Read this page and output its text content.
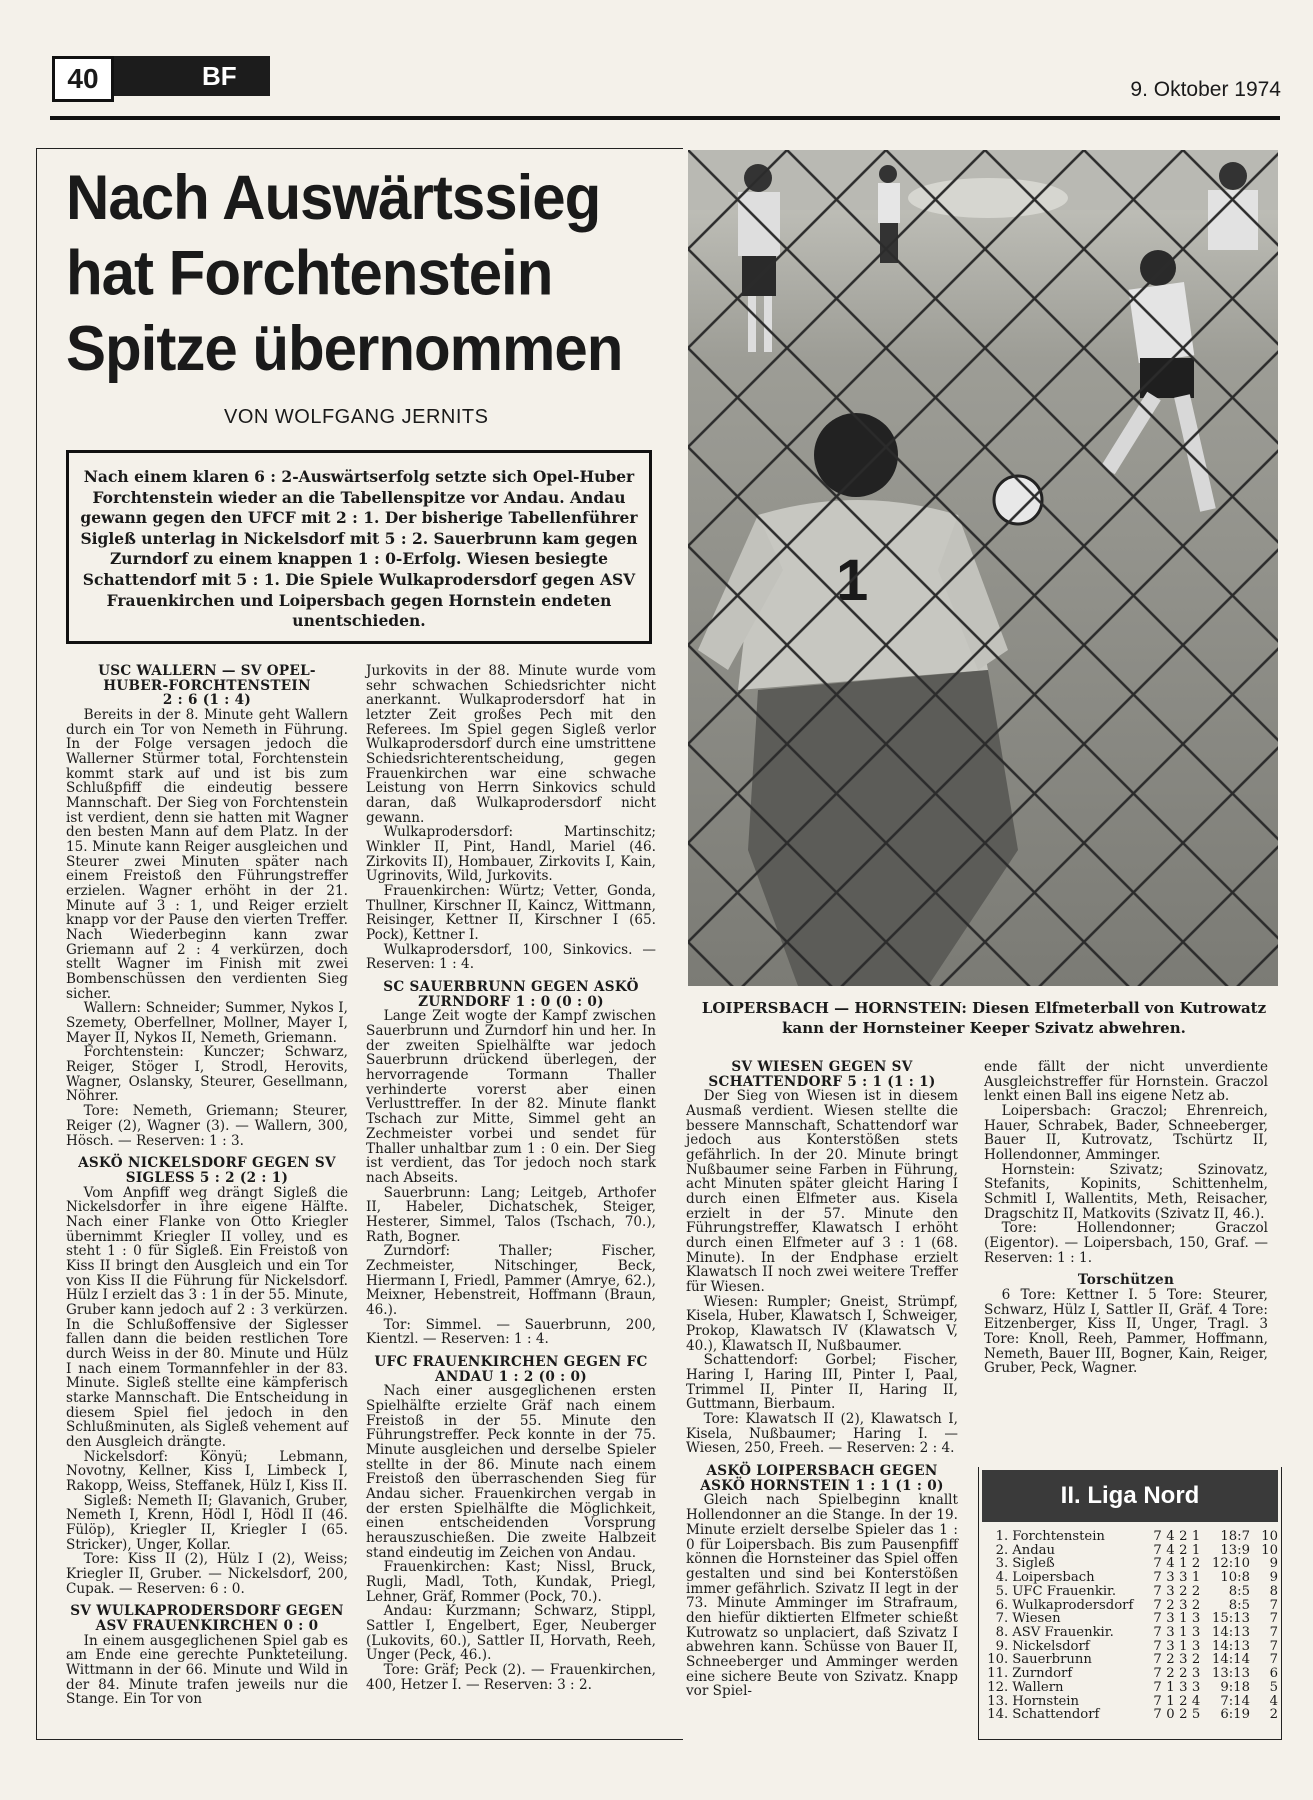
40	BF	9. Oktober 1974
Nach Auswärtssieg
hat Forchtenstein
Spitze übernommen
VON WOLFGANG JERNITS
Nach einem klaren 6 : 2-Auswärtserfolg setzte sich Opel-Huber Forchtenstein wieder an die Tabellenspitze vor Andau. Andau gewann gegen den UFCF mit 2 : 1. Der bisherige Tabellenführer Sigleß unterlag in Nickelsdorf mit 5 : 2. Sauerbrunn kam gegen Zurndorf zu einem knappen 1 : 0-Erfolg. Wiesen besiegte Schattendorf mit 5 : 1. Die Spiele Wulkaprodersdorf gegen ASV Frauenkirchen und Loipersbach gegen Hornstein endeten unentschieden.

USC WALLERN — SV OPEL-HUBER-FORCHTENSTEIN

2 : 6 (1 : 4)

Bereits in der 8. Minute geht Wallern durch ein Tor von Nemeth in Führung. In der Folge versagen jedoch die Wallerner Stürmer total, Forchtenstein kommt stark auf und ist bis zum Schlußpfiff die eindeutig bessere Mannschaft. Der Sieg von Forchtenstein ist verdient, denn sie hatten mit Wagner den besten Mann auf dem Platz. In der 15. Minute kann Reiger ausgleichen und Steurer zwei Minuten später nach einem Freistoß den Führungstreffer erzielen. Wagner erhöht in der 21. Minute auf 3 : 1, und Reiger erzielt knapp vor der Pause den vierten Treffer. Nach Wiederbeginn kann zwar Griemann auf 2 : 4 verkürzen, doch stellt Wagner im Finish mit zwei Bombenschüssen den verdienten Sieg sicher.

Wallern: Schneider; Summer, Nykos I, Szemety, Oberfellner, Mollner, Mayer I, Mayer II, Nykos II, Nemeth, Griemann.

Forchtenstein: Kunczer; Schwarz, Reiger, Stöger I, Strodl, Herovits, Wagner, Oslansky, Steurer, Gesellmann, Nöhrer.

Tore: Nemeth, Griemann; Steurer, Reiger (2), Wagner (3). — Wallern, 300, Hösch. — Reserven: 1 : 3.

ASKÖ NICKELSDORF GEGEN SV SIGLESS 5 : 2 (2 : 1)

Vom Anpfiff weg drängt Sigleß die Nickelsdorfer in ihre eigene Hälfte. Nach einer Flanke von Otto Kriegler übernimmt Kriegler II volley, und es steht 1 : 0 für Sigleß. Ein Freistoß von Kiss II bringt den Ausgleich und ein Tor von Kiss II die Führung für Nickelsdorf. Hülz I erzielt das 3 : 1 in der 55. Minute, Gruber kann jedoch auf 2 : 3 verkürzen. In die Schlußoffensive der Siglesser fallen dann die beiden restlichen Tore durch Weiss in der 80. Minute und Hülz I nach einem Tormannfehler in der 83. Minute. Sigleß stellte eine kämpferisch starke Mannschaft. Die Entscheidung in diesem Spiel fiel jedoch in den Schlußminuten, als Sigleß vehement auf den Ausgleich drängte.

Nickelsdorf: Könyü; Lebmann, Novotny, Kellner, Kiss I, Limbeck I, Rakopp, Weiss, Steffanek, Hülz I, Kiss II.

Sigleß: Nemeth II; Glavanich, Gruber, Nemeth I, Krenn, Hödl I, Hödl II (46. Fülöp), Kriegler II, Kriegler I (65. Stricker), Unger, Kollar.

Tore: Kiss II (2), Hülz I (2), Weiss; Kriegler II, Gruber. — Nickelsdorf, 200, Cupak. — Reserven: 6 : 0.

SV WULKAPRODERSDORF GEGEN ASV FRAUENKIRCHEN 0 : 0

In einem ausgeglichenen Spiel gab es am Ende eine gerechte Punkteteilung. Wittmann in der 66. Minute und Wild in der 84. Minute trafen jeweils nur die Stange. Ein Tor von

Jurkovits in der 88. Minute wurde vom sehr schwachen Schiedsrichter nicht anerkannt. Wulkaprodersdorf hat in letzter Zeit großes Pech mit den Referees. Im Spiel gegen Sigleß verlor Wulkaprodersdorf durch eine umstrittene Schiedsrichterentscheidung, gegen Frauenkirchen war eine schwache Leistung von Herrn Sinkovics schuld daran, daß Wulkaprodersdorf nicht gewann.

Wulkaprodersdorf: Martinschitz; Winkler II, Pint, Handl, Mariel (46. Zirkovits II), Hombauer, Zirkovits I, Kain, Ugrinovits, Wild, Jurkovits.

Frauenkirchen: Würtz; Vetter, Gonda, Thullner, Kirschner II, Kaincz, Wittmann, Reisinger, Kettner II, Kirschner I (65. Pock), Kettner I.

Wulkaprodersdorf, 100, Sinkovics. — Reserven: 1 : 4.

SC SAUERBRUNN GEGEN ASKÖ ZURNDORF 1 : 0 (0 : 0)

Lange Zeit wogte der Kampf zwischen Sauerbrunn und Zurndorf hin und her. In der zweiten Spielhälfte war jedoch Sauerbrunn drückend überlegen, der hervorragende Tormann Thaller verhinderte vorerst aber einen Verlusttreffer. In der 82. Minute flankt Tschach zur Mitte, Simmel geht an Zechmeister vorbei und sendet für Thaller unhaltbar zum 1 : 0 ein. Der Sieg ist verdient, das Tor jedoch noch stark nach Abseits.

Sauerbrunn: Lang; Leitgeb, Arthofer II, Habeler, Dichatschek, Steiger, Hesterer, Simmel, Talos (Tschach, 70.), Rath, Bogner.

Zurndorf: Thaller; Fischer, Zechmeister, Nitschinger, Beck, Hiermann I, Friedl, Pammer (Amrye, 62.), Meixner, Hebenstreit, Hoffmann (Braun, 46.).

Tor: Simmel. — Sauerbrunn, 200, Kientzl. — Reserven: 1 : 4.

UFC FRAUENKIRCHEN GEGEN FC ANDAU 1 : 2 (0 : 0)

Nach einer ausgeglichenen ersten Spielhälfte erzielte Gräf nach einem Freistoß in der 55. Minute den Führungstreffer. Peck konnte in der 75. Minute ausgleichen und derselbe Spieler stellte in der 86. Minute nach einem Freistoß den überraschenden Sieg für Andau sicher. Frauenkirchen vergab in der ersten Spielhälfte die Möglichkeit, einen entscheidenden Vorsprung herauszuschießen. Die zweite Halbzeit stand eindeutig im Zeichen von Andau.

Frauenkirchen: Kast; Nissl, Bruck, Rugli, Madl, Toth, Kundak, Priegl, Lehner, Gräf, Rommer (Pock, 70.).

Andau: Kurzmann; Schwarz, Stippl, Sattler I, Engelbert, Eger, Neuberger (Lukovits, 60.), Sattler II, Horvath, Reeh, Unger (Peck, 46.).

Tore: Gräf; Peck (2). — Frauenkirchen, 400, Hetzer I. — Reserven: 3 : 2.

LOIPERSBACH — HORNSTEIN: Diesen Elfmeterball von Kutrowatz kann der Hornsteiner Keeper Szivatz abwehren.

SV WIESEN GEGEN SV SCHATTENDORF 5 : 1 (1 : 1)

Der Sieg von Wiesen ist in diesem Ausmaß verdient. Wiesen stellte die bessere Mannschaft, Schattendorf war jedoch aus Konterstößen stets gefährlich. In der 20. Minute bringt Nußbaumer seine Farben in Führung, acht Minuten später gleicht Haring I durch einen Elfmeter aus. Kisela erzielt in der 57. Minute den Führungstreffer, Klawatsch I erhöht durch einen Elfmeter auf 3 : 1 (68. Minute). In der Endphase erzielt Klawatsch II noch zwei weitere Treffer für Wiesen.

Wiesen: Rumpler; Gneist, Strümpf, Kisela, Huber, Klawatsch I, Schweiger, Prokop, Klawatsch IV (Klawatsch V, 40.), Klawatsch II, Nußbaumer.

Schattendorf: Gorbel; Fischer, Haring I, Haring III, Pinter I, Paal, Trimmel II, Pinter II, Haring II, Guttmann, Bierbaum.

Tore: Klawatsch II (2), Klawatsch I, Kisela, Nußbaumer; Haring I. — Wiesen, 250, Freeh. — Reserven: 2 : 4.

ASKÖ LOIPERSBACH GEGEN ASKÖ HORNSTEIN 1 : 1 (1 : 0)

Gleich nach Spielbeginn knallt Hollendonner an die Stange. In der 19. Minute erzielt derselbe Spieler das 1 : 0 für Loipersbach. Bis zum Pausenpfiff können die Hornsteiner das Spiel offen gestalten und sind bei Konterstößen immer gefährlich. Szivatz II legt in der 73. Minute Amminger im Strafraum, den hiefür diktierten Elfmeter schießt Kutrowatz so unplaciert, daß Szivatz I abwehren kann. Schüsse von Bauer II, Schneeberger und Amminger werden eine sichere Beute von Szivatz. Knapp vor Spiel-

ende fällt der nicht unverdiente Ausgleichstreffer für Hornstein. Graczol lenkt einen Ball ins eigene Netz ab.

Loipersbach: Graczol; Ehrenreich, Hauer, Schrabek, Bader, Schneeberger, Bauer II, Kutrovatz, Tschürtz II, Hollendonner, Amminger.

Hornstein: Szivatz; Szinovatz, Stefanits, Kopinits, Schittenhelm, Schmitl I, Wallentits, Meth, Reisacher, Dragschitz II, Matkovits (Szivatz II, 46.).

Tore: Hollendonner; Graczol (Eigentor). — Loipersbach, 150, Graf. — Reserven: 1 : 1.

Torschützen

6 Tore: Kettner I. 5 Tore: Steurer, Schwarz, Hülz I, Sattler II, Gräf. 4 Tore: Eitzenberger, Kiss II, Unger, Tragl. 3 Tore: Knoll, Reeh, Pammer, Hoffmann, Nemeth, Bauer III, Bogner, Kain, Reiger, Gruber, Peck, Wagner.

II. Liga Nord
1.	Forchtenstein	7	4	2	1	18:7	10
2.	Andau	7	4	2	1	13:9	10
3.	Sigleß	7	4	1	2	12:10	9
4.	Loipersbach	7	3	3	1	10:8	9
5.	UFC Frauenkir.	7	3	2	2	8:5	8
6.	Wulkaprodersdorf	7	2	3	2	8:5	7
7.	Wiesen	7	3	1	3	15:13	7
8.	ASV Frauenkir.	7	3	1	3	14:13	7
9.	Nickelsdorf	7	3	1	3	14:13	7
10.	Sauerbrunn	7	2	3	2	14:14	7
11.	Zurndorf	7	2	2	3	13:13	6
12.	Wallern	7	1	3	3	9:18	5
13.	Hornstein	7	1	2	4	7:14	4
14.	Schattendorf	7	0	2	5	6:19	2
